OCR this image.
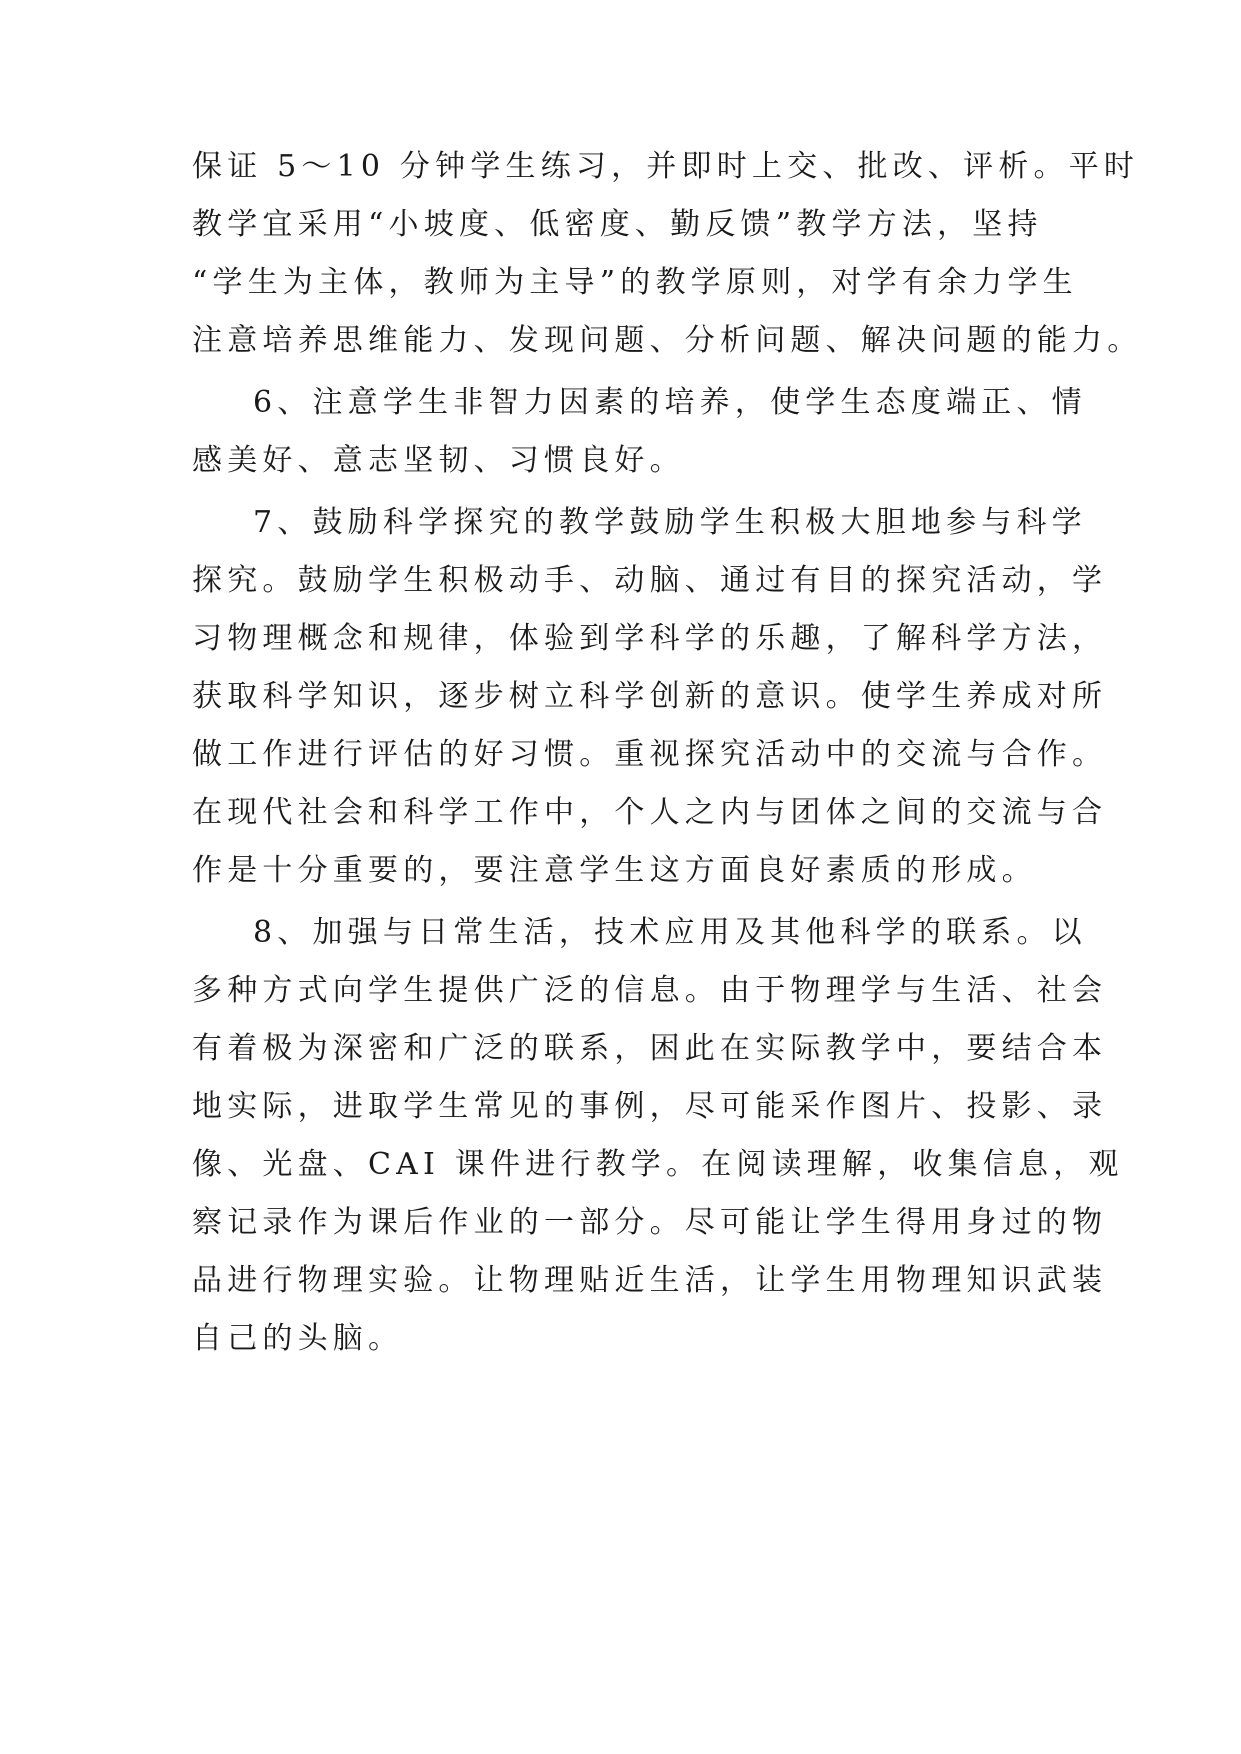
保证 5～10 分钟学生练习，并即时上交、批改、评析。平时
教学宜采用“小坡度、低密度、勤反馈”教学方法，坚持
“学生为主体，教师为主导”的教学原则，对学有余力学生
注意培养思维能力、发现问题、分析问题、解决问题的能力。
6、注意学生非智力因素的培养，使学生态度端正、情
感美好、意志坚韧、习惯良好。
7、鼓励科学探究的教学鼓励学生积极大胆地参与科学
探究。鼓励学生积极动手、动脑、通过有目的探究活动，学
习物理概念和规律，体验到学科学的乐趣，了解科学方法，
获取科学知识，逐步树立科学创新的意识。使学生养成对所
做工作进行评估的好习惯。重视探究活动中的交流与合作。
在现代社会和科学工作中，个人之内与团体之间的交流与合
作是十分重要的，要注意学生这方面良好素质的形成。
8、加强与日常生活，技术应用及其他科学的联系。以
多种方式向学生提供广泛的信息。由于物理学与生活、社会
有着极为深密和广泛的联系，困此在实际教学中，要结合本
地实际，进取学生常见的事例，尽可能采作图片、投影、录
像、光盘、CAI 课件进行教学。在阅读理解，收集信息，观
察记录作为课后作业的一部分。尽可能让学生得用身过的物
品进行物理实验。让物理贴近生活，让学生用物理知识武装
自己的头脑。
